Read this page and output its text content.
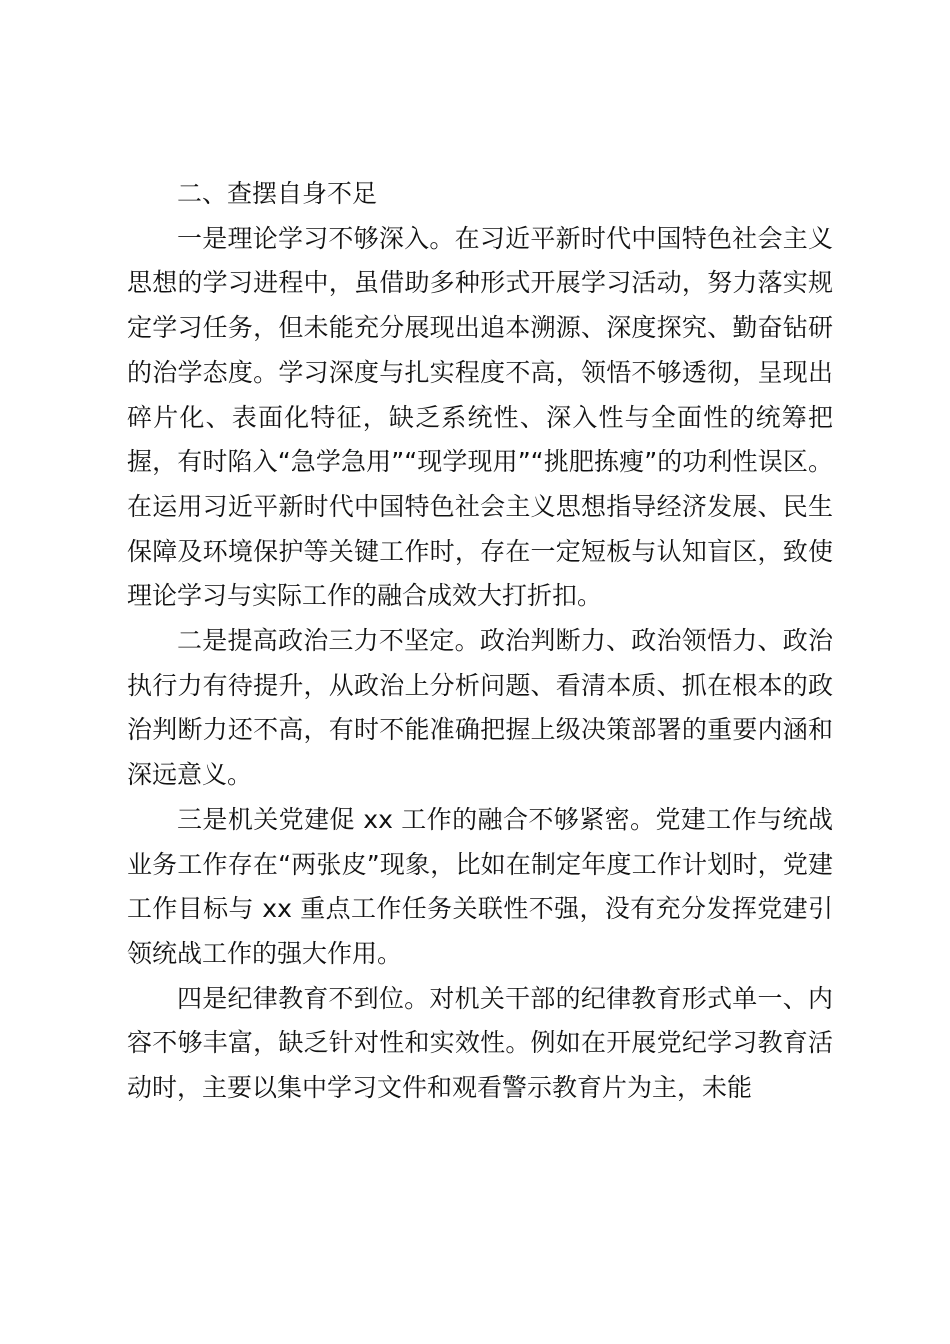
二、查摆自身不足

一是理论学习不够深入。在习近平新时代中国特色社会主义思想的学习进程中，虽借助多种形式开展学习活动，努力落实规定学习任务，但未能充分展现出追本溯源、深度探究、勤奋钻研的治学态度。学习深度与扎实程度不高，领悟不够透彻，呈现出碎片化、表面化特征，缺乏系统性、深入性与全面性的统筹把握，有时陷入“急学急用”“现学现用”“挑肥拣瘦”的功利性误区。在运用习近平新时代中国特色社会主义思想指导经济发展、民生保障及环境保护等关键工作时，存在一定短板与认知盲区，致使理论学习与实际工作的融合成效大打折扣。

二是提高政治三力不坚定。政治判断力、政治领悟力、政治执行力有待提升，从政治上分析问题、看清本质、抓在根本的政治判断力还不高，有时不能准确把握上级决策部署的重要内涵和深远意义。

三是机关党建促 xx 工作的融合不够紧密。党建工作与统战业务工作存在“两张皮”现象，比如在制定年度工作计划时，党建工作目标与 xx 重点工作任务关联性不强，没有充分发挥党建引领统战工作的强大作用。

四是纪律教育不到位。对机关干部的纪律教育形式单一、内容不够丰富，缺乏针对性和实效性。例如在开展党纪学习教育活动时，主要以集中学习文件和观看警示教育片为主，未能
